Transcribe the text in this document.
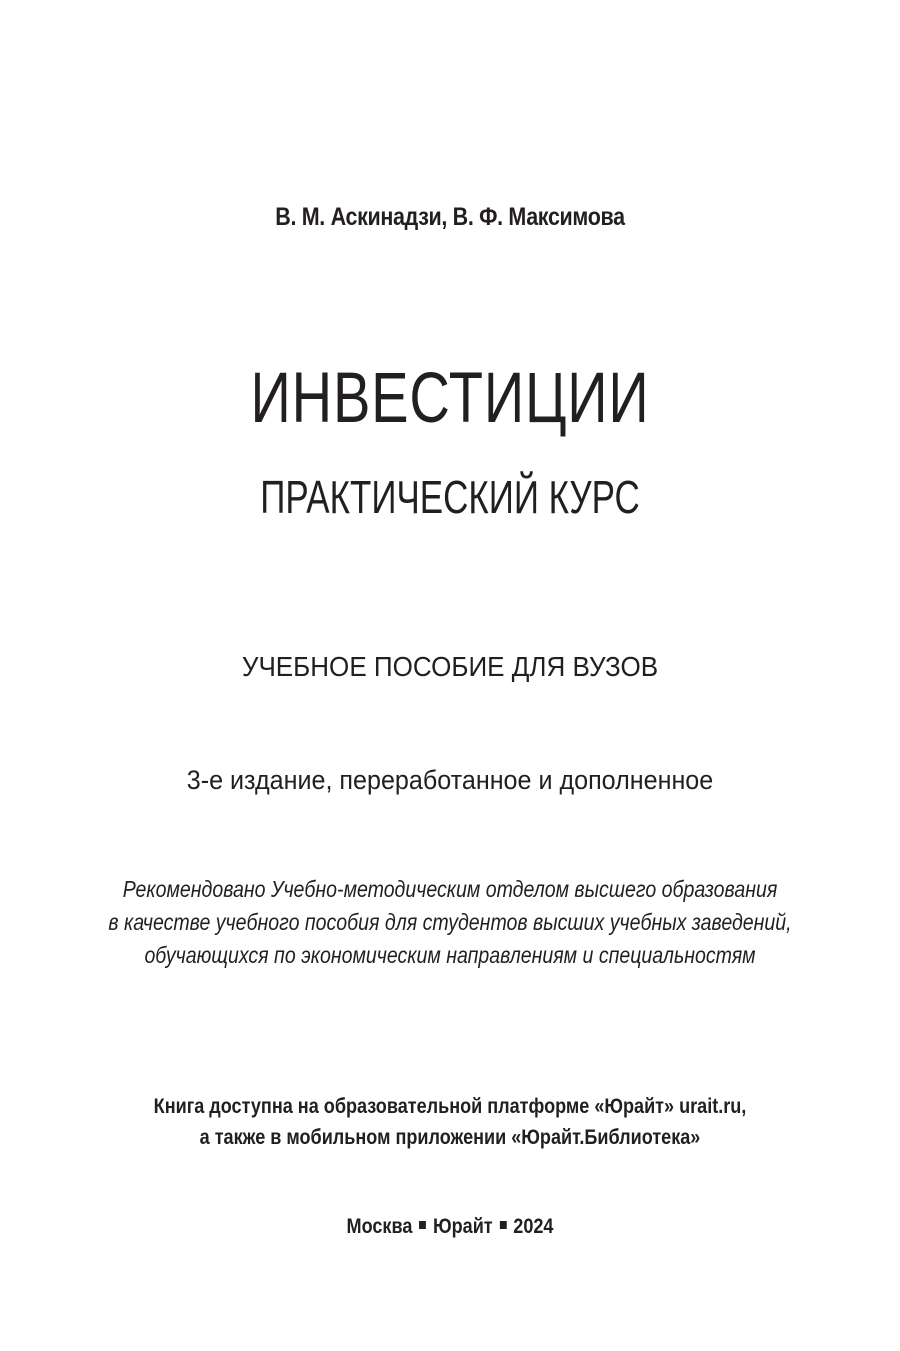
В. М. Аскинадзи, В. Ф. Максимова
ИНВЕСТИЦИИ
ПРАКТИЧЕСКИЙ КУРС
УЧЕБНОЕ ПОСОБИЕ ДЛЯ ВУЗОВ
3-е издание, переработанное и дополненное
Рекомендовано Учебно-методическим отделом высшего образования
в качестве учебного пособия для студентов высших учебных заведений,
обучающихся по экономическим направлениям и специальностям
Книга доступна на образовательной платформе «Юрайт» urait.ru,
а также в мобильном приложении «Юрайт.Библиотека»
Москва Юрайт 2024
